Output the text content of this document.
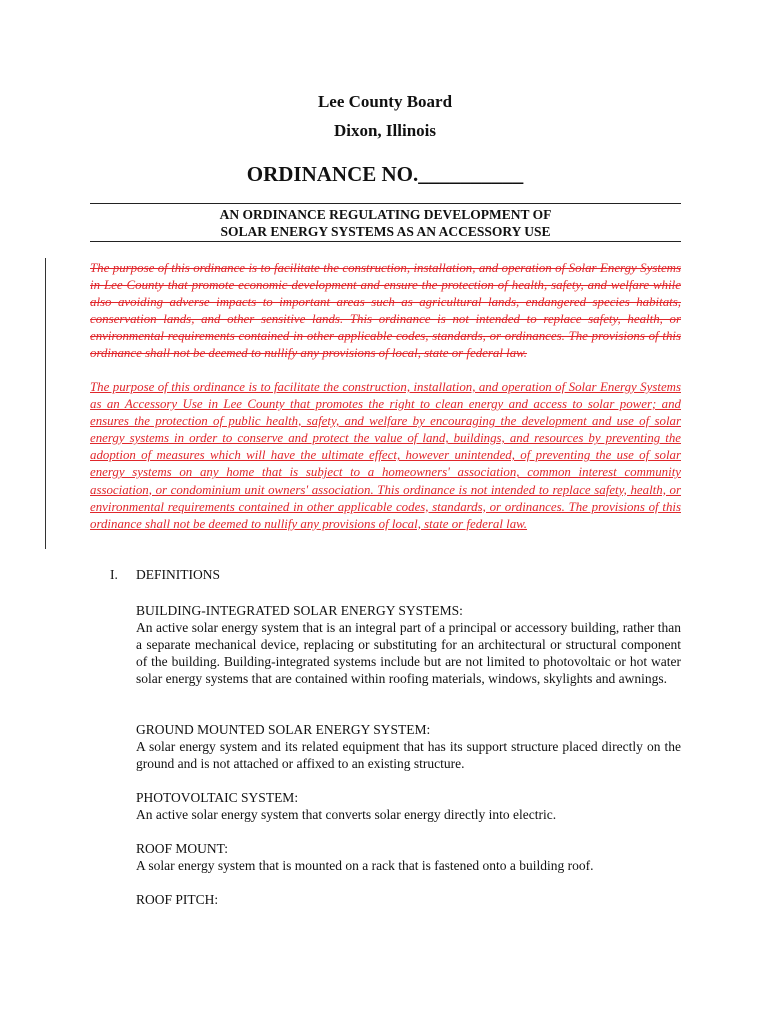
Lee County Board
Dixon, Illinois
ORDINANCE NO.__________
AN ORDINANCE REGULATING DEVELOPMENT OF
SOLAR ENERGY SYSTEMS AS AN ACCESSORY USE
The purpose of this ordinance is to facilitate the construction, installation, and operation of Solar Energy Systems in Lee County that promote economic development and ensure the protection of health, safety, and welfare while also avoiding adverse impacts to important areas such as agricultural lands, endangered species habitats, conservation lands, and other sensitive lands. This ordinance is not intended to replace safety, health, or environmental requirements contained in other applicable codes, standards, or ordinances. The provisions of this ordinance shall not be deemed to nullify any provisions of local, state or federal law.
The purpose of this ordinance is to facilitate the construction, installation, and operation of Solar Energy Systems as an Accessory Use in Lee County that promotes the right to clean energy and access to solar power; and ensures the protection of public health, safety, and welfare by encouraging the development and use of solar energy systems in order to conserve and protect the value of land, buildings, and resources by preventing the adoption of measures which will have the ultimate effect, however unintended, of preventing the use of solar energy systems on any home that is subject to a homeowners' association, common interest community association, or condominium unit owners' association. This ordinance is not intended to replace safety, health, or environmental requirements contained in other applicable codes, standards, or ordinances. The provisions of this ordinance shall not be deemed to nullify any provisions of local, state or federal law.
I. DEFINITIONS
BUILDING-INTEGRATED SOLAR ENERGY SYSTEMS:
An active solar energy system that is an integral part of a principal or accessory building, rather than a separate mechanical device, replacing or substituting for an architectural or structural component of the building. Building-integrated systems include but are not limited to photovoltaic or hot water solar energy systems that are contained within roofing materials, windows, skylights and awnings.
GROUND MOUNTED SOLAR ENERGY SYSTEM:
A solar energy system and its related equipment that has its support structure placed directly on the ground and is not attached or affixed to an existing structure.
PHOTOVOLTAIC SYSTEM:
An active solar energy system that converts solar energy directly into electric.
ROOF MOUNT:
A solar energy system that is mounted on a rack that is fastened onto a building roof.
ROOF PITCH:
